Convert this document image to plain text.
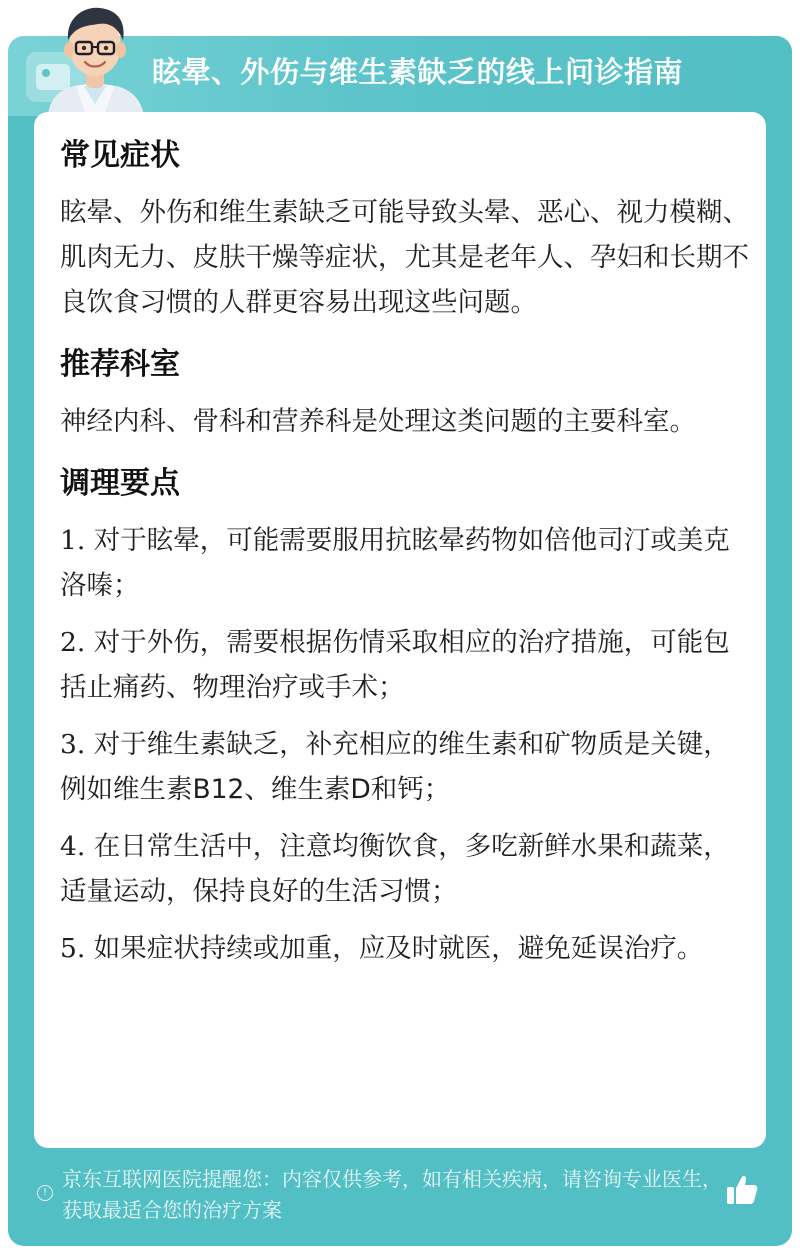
眩晕、外伤与维生素缺乏的线上问诊指南
常见症状
眩晕、外伤和维生素缺乏可能导致头晕、恶心、视力模糊、肌肉无力、皮肤干燥等症状，尤其是老年人、孕妇和长期不良饮食习惯的人群更容易出现这些问题。
推荐科室
神经内科、骨科和营养科是处理这类问题的主要科室。
调理要点
1. 对于眩晕，可能需要服用抗眩晕药物如倍他司汀或美克洛嗪；
2. 对于外伤，需要根据伤情采取相应的治疗措施，可能包括止痛药、物理治疗或手术；
3. 对于维生素缺乏，补充相应的维生素和矿物质是关键，例如维生素B12、维生素D和钙；
4. 在日常生活中，注意均衡饮食，多吃新鲜水果和蔬菜，适量运动，保持良好的生活习惯；
5. 如果症状持续或加重，应及时就医，避免延误治疗。
!
京东互联网医院提醒您：内容仅供参考，如有相关疾病，请咨询专业医生，获取最适合您的治疗方案
